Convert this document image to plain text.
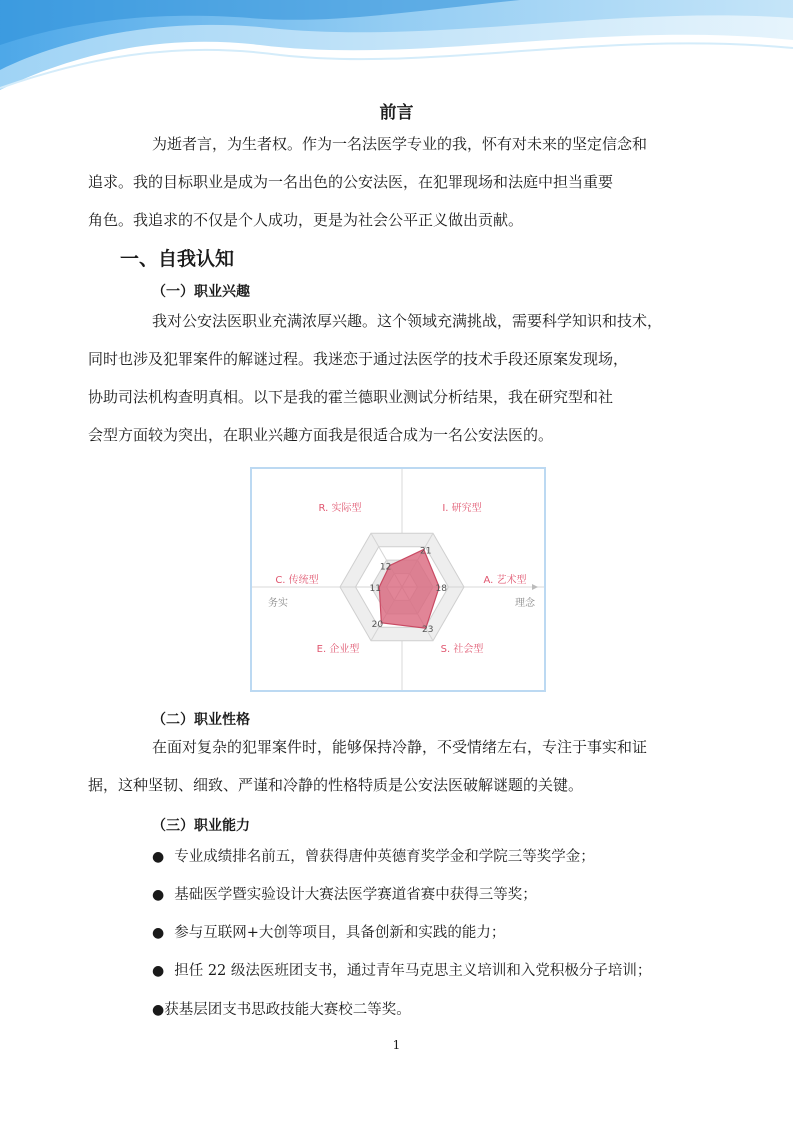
前言
为逝者言，为生者权。作为一名法医学专业的我，怀有对未来的坚定信念和
追求。我的目标职业是成为一名出色的公安法医，在犯罪现场和法庭中担当重要
角色。我追求的不仅是个人成功，更是为社会公平正义做出贡献。
一、自我认知
（一）职业兴趣
我对公安法医职业充满浓厚兴趣。这个领域充满挑战，需要科学知识和技术，
同时也涉及犯罪案件的解谜过程。我迷恋于通过法医学的技术手段还原案发现场，
协助司法机构查明真相。以下是我的霍兰德职业测试分析结果，我在研究型和社
会型方面较为突出，在职业兴趣方面我是很适合成为一名公安法医的。
21
18
23
20
11
12
I. 研究型
A. 艺术型
S. 社会型
E. 企业型
C. 传统型
R. 实际型
务实	理念
（二）职业性格
在面对复杂的犯罪案件时，能够保持冷静，不受情绪左右，专注于事实和证
据，这种坚韧、细致、严谨和冷静的性格特质是公安法医破解谜题的关键。
（三）职业能力
● 专业成绩排名前五，曾获得唐仲英德育奖学金和学院三等奖学金；
● 基础医学暨实验设计大赛法医学赛道省赛中获得三等奖；
● 参与互联网+大创等项目，具备创新和实践的能力；
● 担任 22 级法医班团支书，通过青年马克思主义培训和入党积极分子培训；
●获基层团支书思政技能大赛校二等奖。
1
